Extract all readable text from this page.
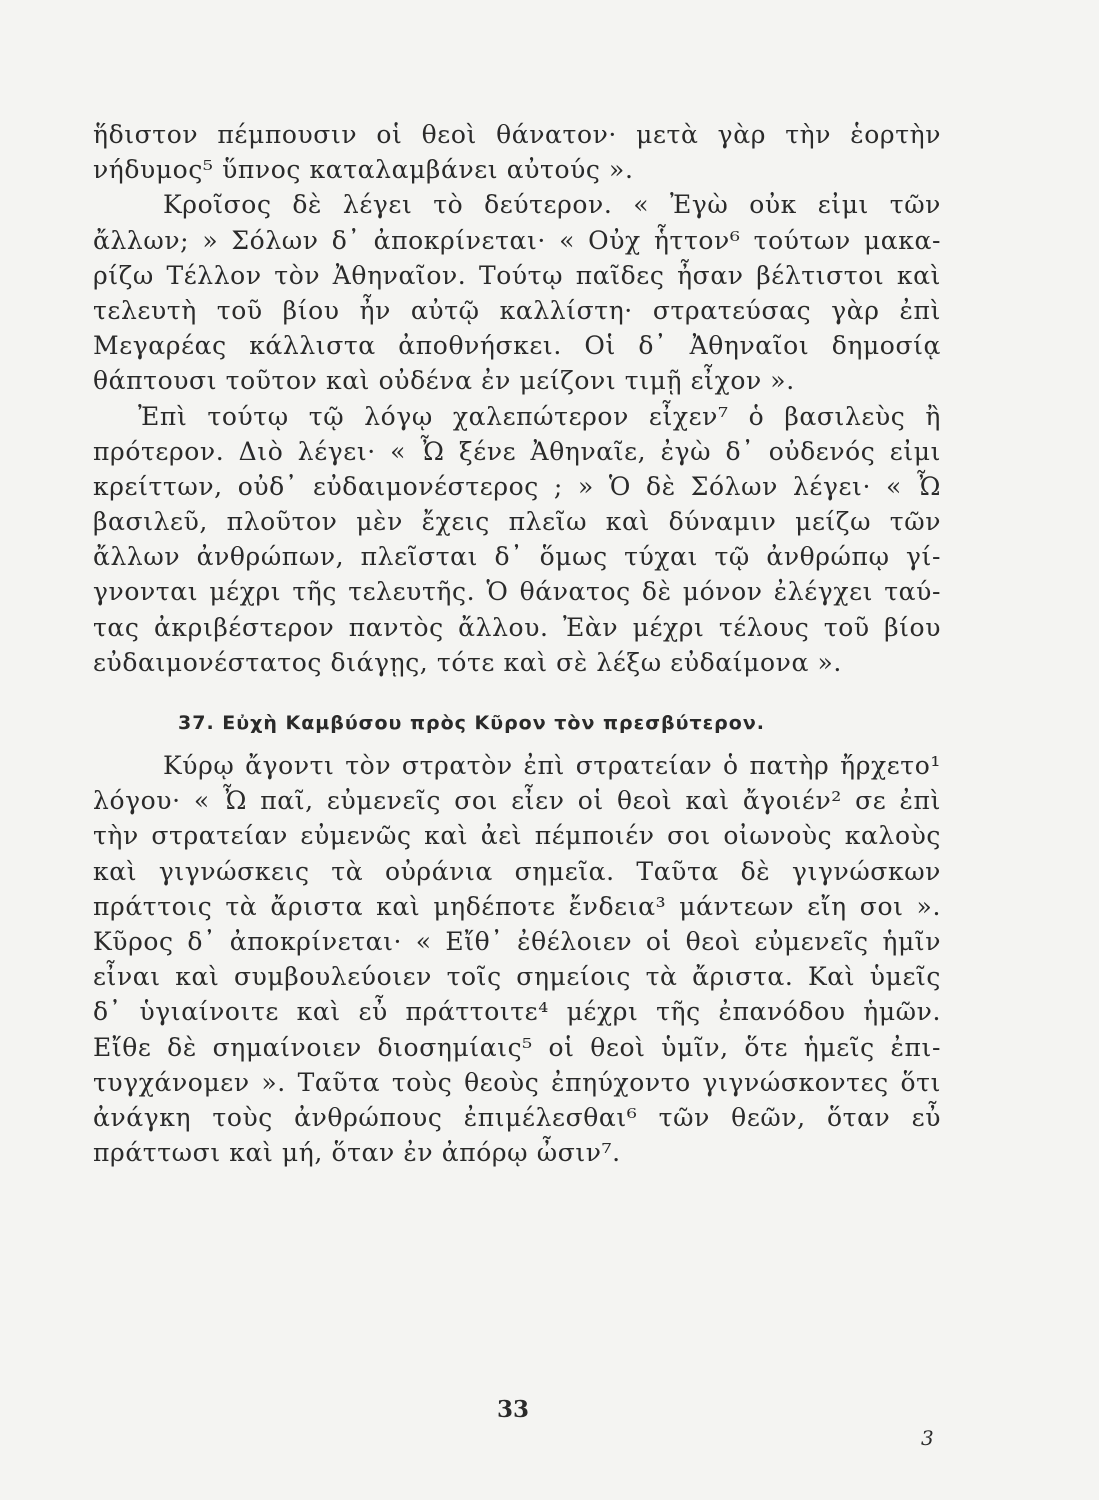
ἥδιστον πέμπουσιν οἱ θεοὶ θάνατον· μετὰ γὰρ τὴν ἑορτὴν
νήδυμος⁵ ὕπνος καταλαμβάνει αὐτούς ».
Κροῖσος δὲ λέγει τὸ δεύτερον. « Ἐγὼ οὐκ εἰμι τῶν
ἄλλων; » Σόλων δ᾽ ἀποκρίνεται· « Οὐχ ἧττον⁶ τούτων μακα-
ρίζω Τέλλον τὸν Ἀθηναῖον. Τούτῳ παῖδες ἦσαν βέλτιστοι καὶ
τελευτὴ τοῦ βίου ἦν αὐτῷ καλλίστη· στρατεύσας γὰρ ἐπὶ
Μεγαρέας κάλλιστα ἀποθνήσκει. Οἱ δ᾽ Ἀθηναῖοι δημοσίᾳ
θάπτουσι τοῦτον καὶ οὐδένα ἐν μείζονι τιμῇ εἶχον ».
Ἐπὶ τούτῳ τῷ λόγῳ χαλεπώτερον εἶχεν⁷ ὁ βασιλεὺς ἢ
πρότερον. Διὸ λέγει· « Ὦ ξένε Ἀθηναῖε, ἐγὼ δ᾽ οὐδενός εἰμι
κρείττων, οὐδ᾽ εὐδαιμονέστερος ; » Ὁ δὲ Σόλων λέγει· « Ὦ
βασιλεῦ, πλοῦτον μὲν ἔχεις πλεῖω καὶ δύναμιν μείζω τῶν
ἄλλων ἀνθρώπων, πλεῖσται δ᾽ ὅμως τύχαι τῷ ἀνθρώπῳ γί-
γνονται μέχρι τῆς τελευτῆς. Ὁ θάνατος δὲ μόνον ἐλέγχει ταύ-
τας ἀκριβέστερον παντὸς ἄλλου. Ἐὰν μέχρι τέλους τοῦ βίου
εὐδαιμονέστατος διάγῃς, τότε καὶ σὲ λέξω εὐδαίμονα ».
37. Εὐχὴ Καμβύσου πρὸς Κῦρον τὸν πρεσβύτερον.
Κύρῳ ἄγοντι τὸν στρατὸν ἐπὶ στρατείαν ὁ πατὴρ ἤρχετο¹
λόγου· « Ὦ παῖ, εὐμενεῖς σοι εἶεν οἱ θεοὶ καὶ ἄγοιέν² σε ἐπὶ
τὴν στρατείαν εὐμενῶς καὶ ἀεὶ πέμποιέν σοι οἰωνοὺς καλοὺς
καὶ γιγνώσκεις τὰ οὐράνια σημεῖα. Ταῦτα δὲ γιγνώσκων
πράττοις τὰ ἄριστα καὶ μηδέποτε ἔνδεια³ μάντεων εἴη σοι ».
Κῦρος δ᾽ ἀποκρίνεται· « Εἴθ᾽ ἐθέλοιεν οἱ θεοὶ εὐμενεῖς ἡμῖν
εἶναι καὶ συμβουλεύοιεν τοῖς σημείοις τὰ ἄριστα. Καὶ ὑμεῖς
δ᾽ ὑγιαίνοιτε καὶ εὖ πράττοιτε⁴ μέχρι τῆς ἐπανόδου ἡμῶν.
Εἴθε δὲ σημαίνοιεν διοσημίαις⁵ οἱ θεοὶ ὑμῖν, ὅτε ἡμεῖς ἐπι-
τυγχάνομεν ». Ταῦτα τοὺς θεοὺς ἐπηύχοντο γιγνώσκοντες ὅτι
ἀνάγκη τοὺς ἀνθρώπους ἐπιμέλεσθαι⁶ τῶν θεῶν, ὅταν εὖ
πράττωσι καὶ μή, ὅταν ἐν ἀπόρῳ ὦσιν⁷.
33
3
